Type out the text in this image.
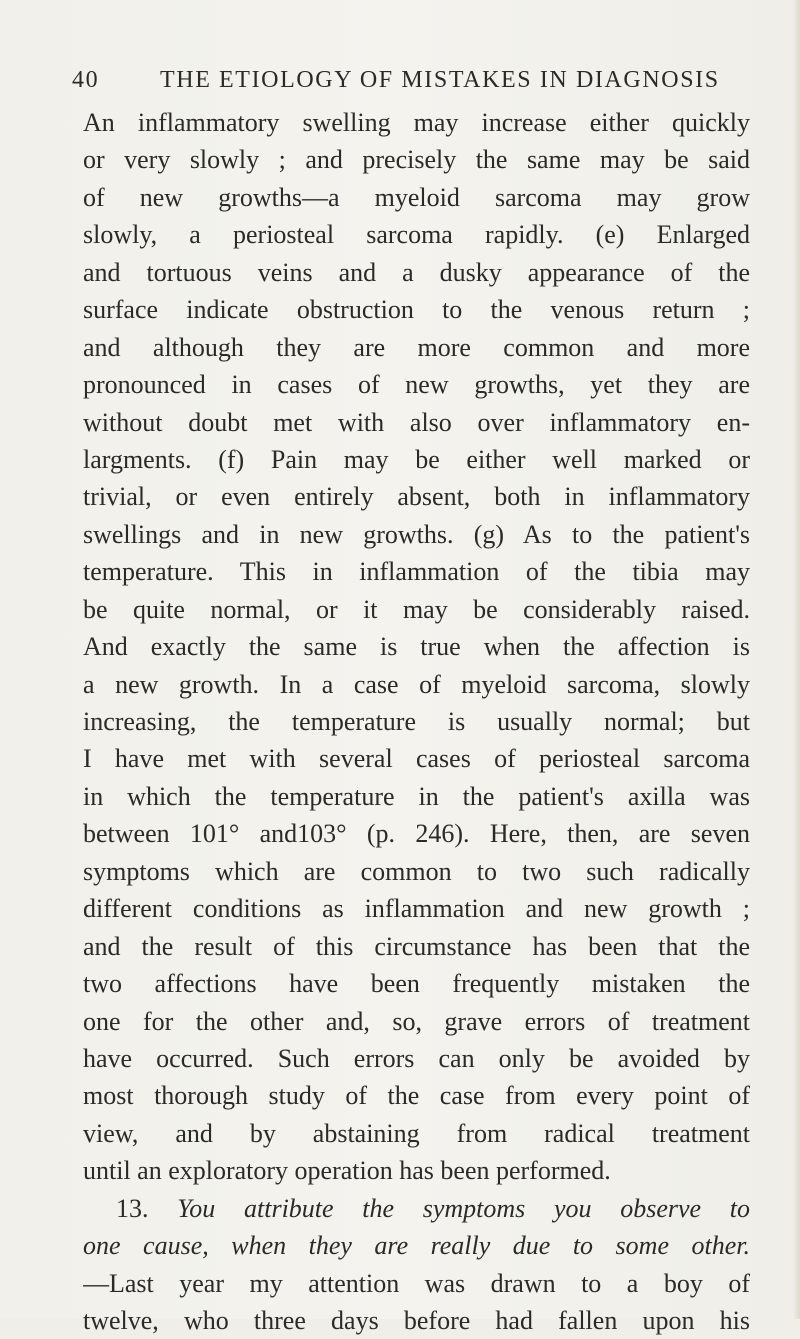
40	THE ETIOLOGY OF MISTAKES IN DIAGNOSIS
An inflammatory swelling may increase either quickly
or very slowly ; and precisely the same may be said
of new growths—a myeloid sarcoma may grow
slowly, a periosteal sarcoma rapidly. (e) Enlarged
and tortuous veins and a dusky appearance of the
surface indicate obstruction to the venous return ;
and although they are more common and more
pronounced in cases of new growths, yet they are
without doubt met with also over inflammatory en-
largments. (f) Pain may be either well marked or
trivial, or even entirely absent, both in inflammatory
swellings and in new growths. (g) As to the patient's
temperature. This in inflammation of the tibia may
be quite normal, or it may be considerably raised.
And exactly the same is true when the affection is
a new growth. In a case of myeloid sarcoma, slowly
increasing, the temperature is usually normal; but
I have met with several cases of periosteal sarcoma
in which the temperature in the patient's axilla was
between 101° and103° (p. 246). Here, then, are seven
symptoms which are common to two such radically
different conditions as inflammation and new growth ;
and the result of this circumstance has been that the
two affections have been frequently mistaken the
one for the other and, so, grave errors of treatment
have occurred. Such errors can only be avoided by
most thorough study of the case from every point of
view, and by abstaining from radical treatment
until an exploratory operation has been performed.
13. You attribute the symptoms you observe to
one cause, when they are really due to some other.
—Last year my attention was drawn to a boy of
twelve, who three days before had fallen upon his
